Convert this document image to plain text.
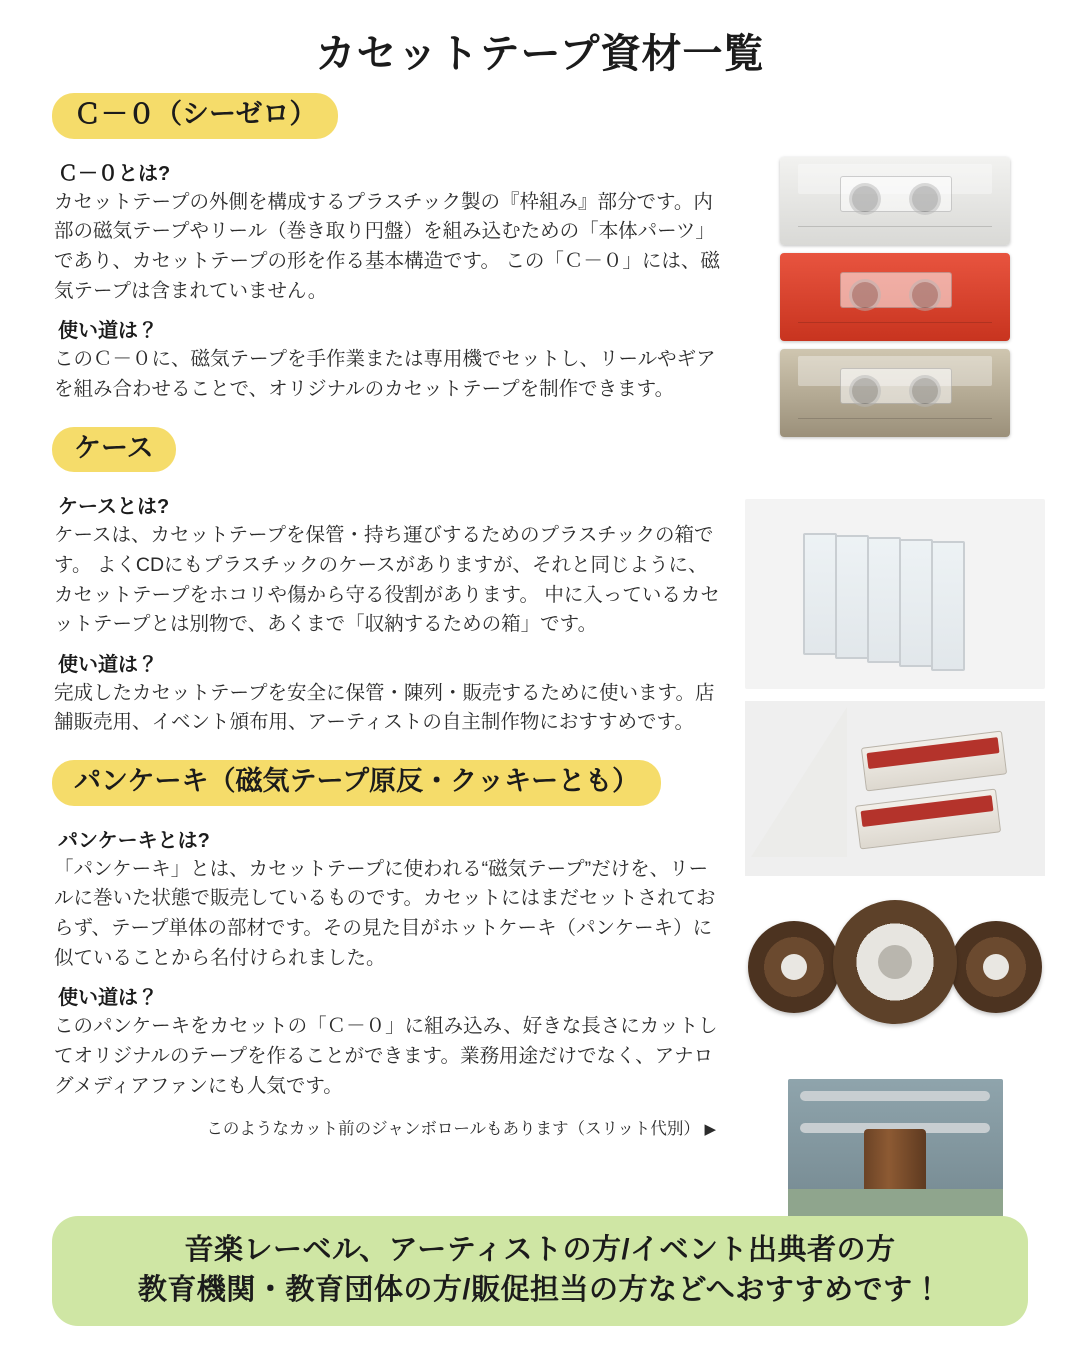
カセットテープ資材一覧
Ｃ－０（シーゼロ）
Ｃ－０とは?

カセットテープの外側を構成するプラスチック製の『枠組み』部分です。内部の磁気テープやリール（巻き取り円盤）を組み込むための「本体パーツ」であり、カセットテープの形を作る基本構造です。 この「Ｃ－０」には、磁気テープは含まれていません。

使い道は？

このＣ－０に、磁気テープを手作業または専用機でセットし、リールやギアを組み合わせることで、オリジナルのカセットテープを制作できます。

ケース
ケースとは?

ケースは、カセットテープを保管・持ち運びするためのプラスチックの箱です。 よくCDにもプラスチックのケースがありますが、それと同じように、カセットテープをホコリや傷から守る役割があります。 中に入っているカセットテープとは別物で、あくまで「収納するための箱」です。

使い道は？

完成したカセットテープを安全に保管・陳列・販売するために使います。店舗販売用、イベント頒布用、アーティストの自主制作物におすすめです。

パンケーキ（磁気テープ原反・クッキーとも）
パンケーキとは?

「パンケーキ」とは、カセットテープに使われる“磁気テープ”だけを、リールに巻いた状態で販売しているものです。カセットにはまだセットされておらず、テープ単体の部材です。その見た目がホットケーキ（パンケーキ）に似ていることから名付けられました。

使い道は？

このパンケーキをカセットの「Ｃ－０」に組み込み、好きな長さにカットしてオリジナルのテープを作ることができます。業務用途だけでなく、アナログメディアファンにも人気です。

このようなカット前のジャンボロールもあります（スリット代別） ▶
音楽レーベル、アーティストの方/イベント出典者の方
教育機関・教育団体の方/販促担当の方などへおすすめです！
